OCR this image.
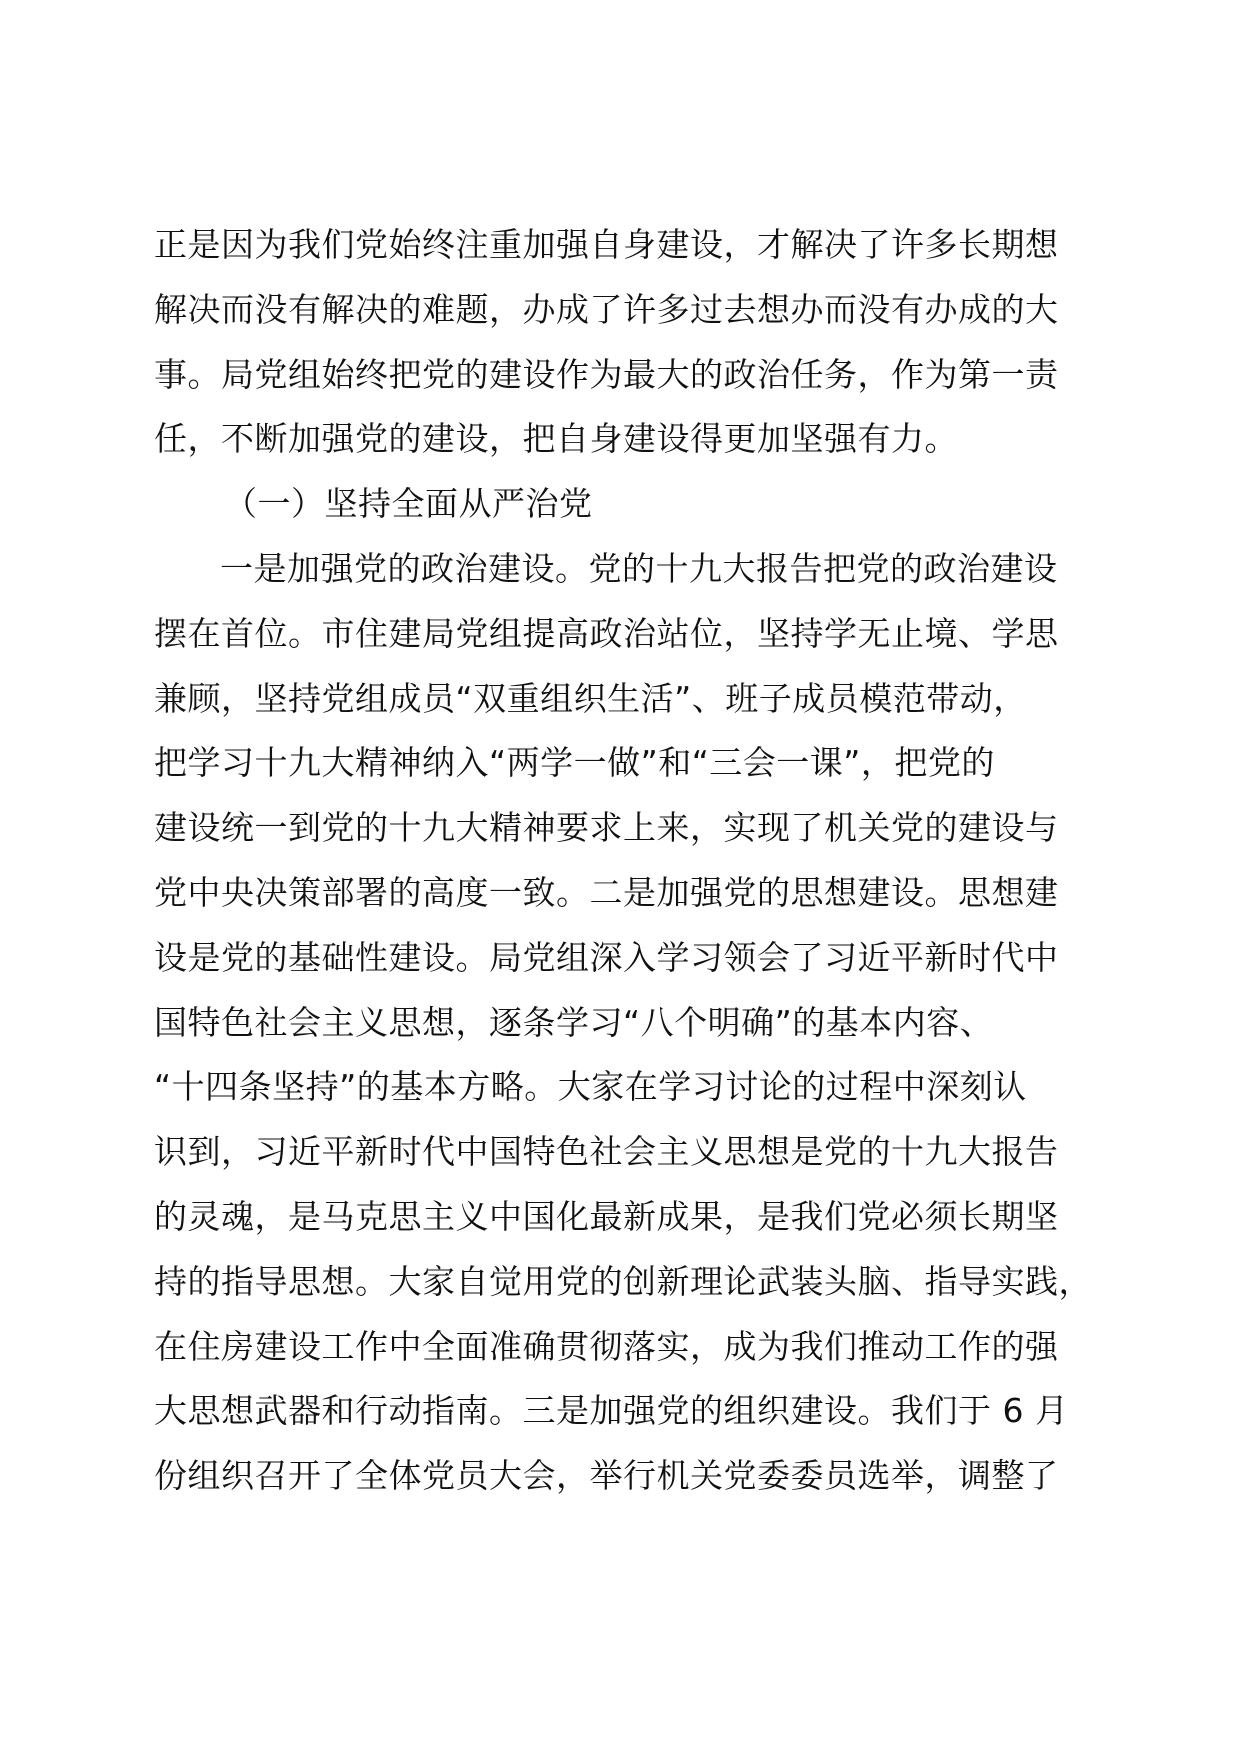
正是因为我们党始终注重加强自身建设，才解决了许多长期想
解决而没有解决的难题，办成了许多过去想办而没有办成的大
事。局党组始终把党的建设作为最大的政治任务，作为第一责
任，不断加强党的建设，把自身建设得更加坚强有力。
（一）坚持全面从严治党
一是加强党的政治建设。党的十九大报告把党的政治建设
摆在首位。市住建局党组提高政治站位，坚持学无止境、学思
兼顾，坚持党组成员“双重组织生活”、班子成员模范带动，
把学习十九大精神纳入“两学一做”和“三会一课”，把党的
建设统一到党的十九大精神要求上来，实现了机关党的建设与
党中央决策部署的高度一致。二是加强党的思想建设。思想建
设是党的基础性建设。局党组深入学习领会了习近平新时代中
国特色社会主义思想，逐条学习“八个明确”的基本内容、
“十四条坚持”的基本方略。大家在学习讨论的过程中深刻认
识到，习近平新时代中国特色社会主义思想是党的十九大报告
的灵魂，是马克思主义中国化最新成果，是我们党必须长期坚
持的指导思想。大家自觉用党的创新理论武装头脑、指导实践，
在住房建设工作中全面准确贯彻落实，成为我们推动工作的强
大思想武器和行动指南。三是加强党的组织建设。我们于 6 月
份组织召开了全体党员大会，举行机关党委委员选举，调整了
